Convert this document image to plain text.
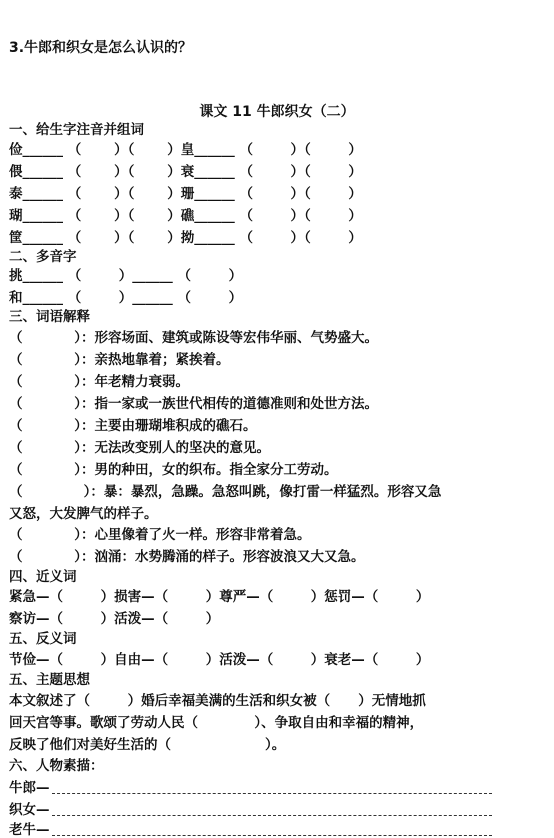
3.牛郎和织女是怎么认识的？
课文 11 牛郎织女（二）
一、给生字注音并组词
俭______ （       ）（       ）皇______ （        ）（        ）
偎______ （       ）（       ）衰______ （        ）（        ）
泰______ （       ）（       ）珊______ （        ）（        ）
瑚______ （       ）（       ）礁______ （        ）（        ）
筐______ （       ）（       ）拗______ （        ）（        ）
二、多音字
挑______ （        ）______ （        ）
和______ （        ）______ （        ）
三、词语解释
（           ）：形容场面、建筑或陈设等宏伟华丽、气势盛大。
（           ）：亲热地靠着；紧挨着。
（           ）：年老精力衰弱。
（           ）：指一家或一族世代相传的道德准则和处世方法。
（           ）：主要由珊瑚堆积成的礁石。
（           ）：无法改变别人的坚决的意见。
（           ）：男的种田，女的织布。指全家分工劳动。
（             ）：暴：暴烈，急躁。急怒叫跳，像打雷一样猛烈。形容又急
又怒，大发脾气的样子。
（           ）：心里像着了火一样。形容非常着急。
（           ）：汹涌：水势腾涌的样子。形容波浪又大又急。
四、近义词
紧急—（        ）损害—（        ）尊严—（        ）惩罚—（        ）
察访—（        ）活泼—（        ）
五、反义词
节俭—（        ）自由—（        ）活泼—（        ）衰老—（        ）
五、主题思想
本文叙述了（        ）婚后幸福美满的生活和织女被（      ）无情地抓
回天宫等事。歌颂了劳动人民（            ）、争取自由和幸福的精神，
反映了他们对美好生活的（                    ）。
六、人物素描：
牛郎—
织女—
老牛—
